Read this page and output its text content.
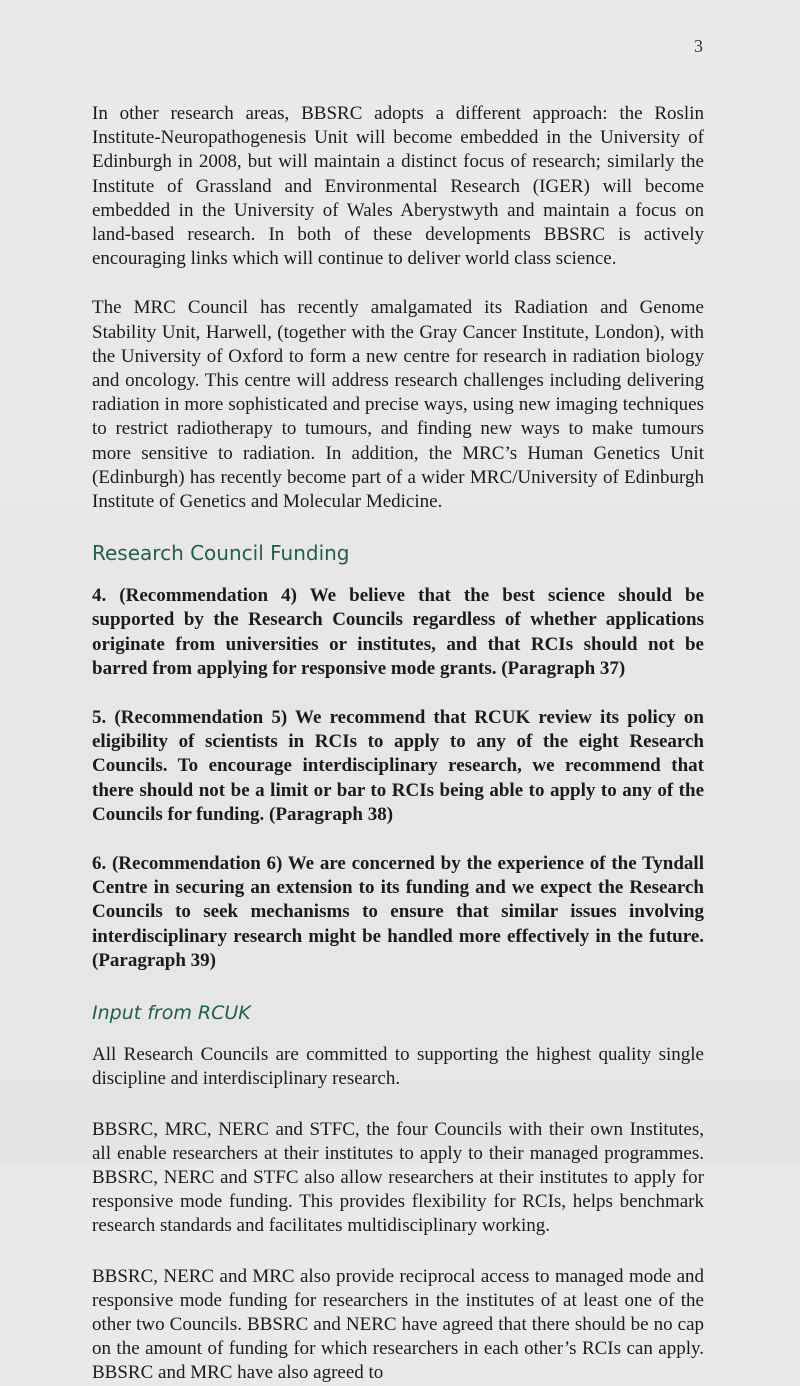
3

In other research areas, BBSRC adopts a different approach: the Roslin Institute-Neuropathogenesis Unit will become embedded in the University of Edinburgh in 2008, but will maintain a distinct focus of research; similarly the Institute of Grassland and Environmental Research (IGER) will become embedded in the University of Wales Aberystwyth and maintain a focus on land-based research. In both of these developments BBSRC is actively encouraging links which will continue to deliver world class science.

The MRC Council has recently amalgamated its Radiation and Genome Stability Unit, Harwell, (together with the Gray Cancer Institute, London), with the University of Oxford to form a new centre for research in radiation biology and oncology. This centre will address research challenges including delivering radiation in more sophisticated and precise ways, using new imaging techniques to restrict radiotherapy to tumours, and finding new ways to make tumours more sensitive to radiation. In addition, the MRC’s Human Genetics Unit (Edinburgh) has recently become part of a wider MRC/University of Edinburgh Institute of Genetics and Molecular Medicine.

Research Council Funding

4. (Recommendation 4) We believe that the best science should be supported by the Research Councils regardless of whether applications originate from universities or institutes, and that RCIs should not be barred from applying for responsive mode grants. (Paragraph 37)

5. (Recommendation 5) We recommend that RCUK review its policy on eligibility of scientists in RCIs to apply to any of the eight Research Councils. To encourage interdisciplinary research, we recommend that there should not be a limit or bar to RCIs being able to apply to any of the Councils for funding. (Paragraph 38)

6. (Recommendation 6) We are concerned by the experience of the Tyndall Centre in securing an extension to its funding and we expect the Research Councils to seek mechanisms to ensure that similar issues involving interdisciplinary research might be handled more effectively in the future. (Paragraph 39)

Input from RCUK

All Research Councils are committed to supporting the highest quality single discipline and interdisciplinary research.

BBSRC, MRC, NERC and STFC, the four Councils with their own Institutes, all enable researchers at their institutes to apply to their managed programmes. BBSRC, NERC and STFC also allow researchers at their institutes to apply for responsive mode funding. This provides flexibility for RCIs, helps benchmark research standards and facilitates multidisciplinary working.

BBSRC, NERC and MRC also provide reciprocal access to managed mode and responsive mode funding for researchers in the institutes of at least one of the other two Councils. BBSRC and NERC have agreed that there should be no cap on the amount of funding for which researchers in each other’s RCIs can apply. BBSRC and MRC have also agreed to
